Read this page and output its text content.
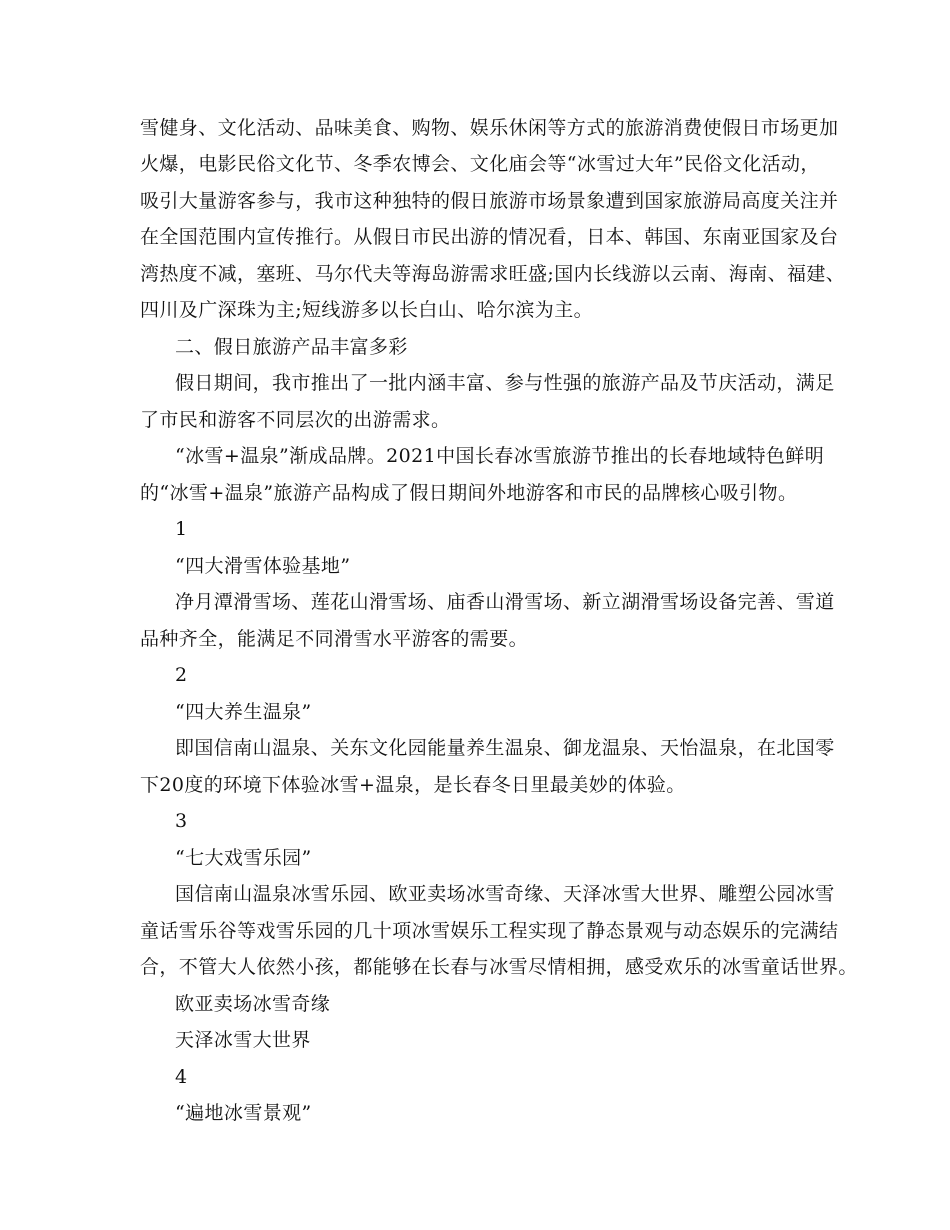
雪健身、文化活动、品味美食、购物、娱乐休闲等方式的旅游消费使假日市场更加
火爆，电影民俗文化节、冬季农博会、文化庙会等“冰雪过大年”民俗文化活动，
吸引大量游客参与，我市这种独特的假日旅游市场景象遭到国家旅游局高度关注并
在全国范围内宣传推行。从假日市民出游的情况看，日本、韩国、东南亚国家及台
湾热度不减，塞班、马尔代夫等海岛游需求旺盛;国内长线游以云南、海南、福建、
四川及广深珠为主;短线游多以长白山、哈尔滨为主。
二、假日旅游产品丰富多彩
假日期间，我市推出了一批内涵丰富、参与性强的旅游产品及节庆活动，满足
了市民和游客不同层次的出游需求。
“冰雪+温泉”渐成品牌。2021中国长春冰雪旅游节推出的长春地域特色鲜明
的“冰雪+温泉”旅游产品构成了假日期间外地游客和市民的品牌核心吸引物。
1
“四大滑雪体验基地”
净月潭滑雪场、莲花山滑雪场、庙香山滑雪场、新立湖滑雪场设备完善、雪道
品种齐全，能满足不同滑雪水平游客的需要。
2
“四大养生温泉”
即国信南山温泉、关东文化园能量养生温泉、御龙温泉、天怡温泉，在北国零
下20度的环境下体验冰雪+温泉，是长春冬日里最美妙的体验。
3
“七大戏雪乐园”
国信南山温泉冰雪乐园、欧亚卖场冰雪奇缘、天泽冰雪大世界、雕塑公园冰雪
童话雪乐谷等戏雪乐园的几十项冰雪娱乐工程实现了静态景观与动态娱乐的完满结
合，不管大人依然小孩，都能够在长春与冰雪尽情相拥，感受欢乐的冰雪童话世界。
欧亚卖场冰雪奇缘
天泽冰雪大世界
4
“遍地冰雪景观”
